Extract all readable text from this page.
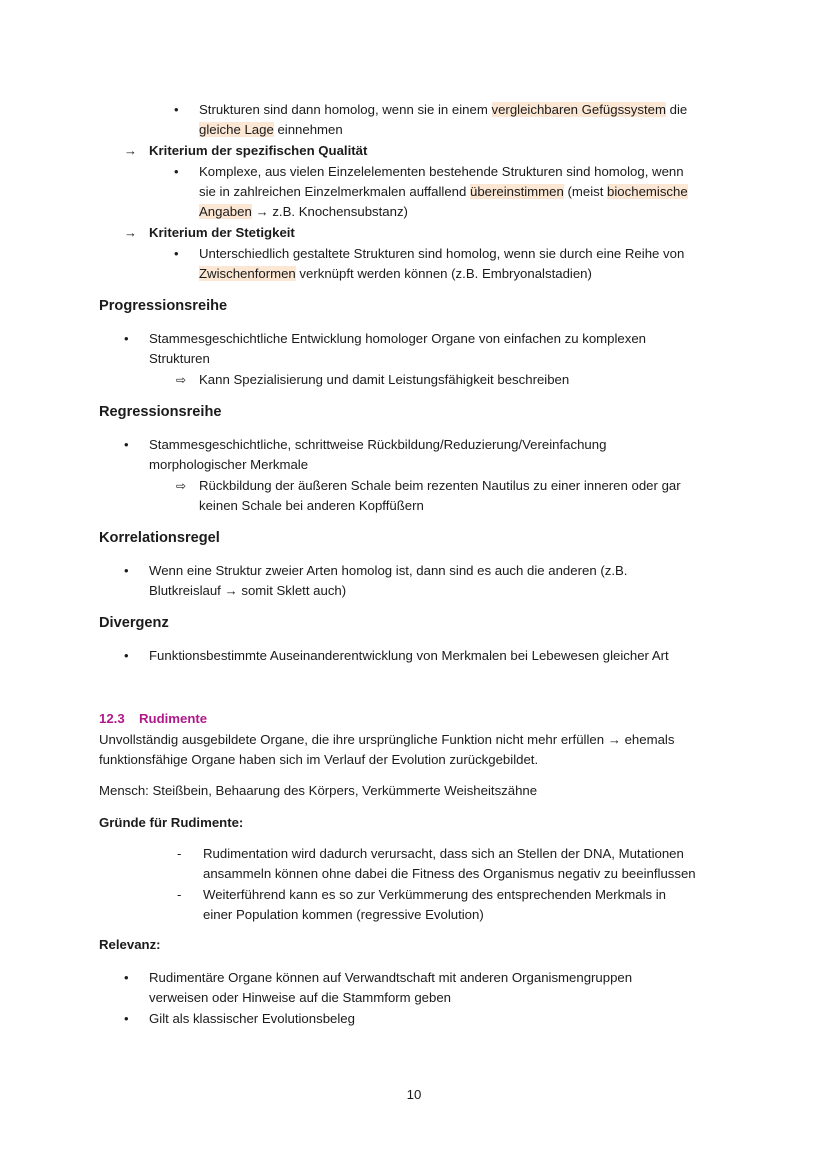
• Strukturen sind dann homolog, wenn sie in einem vergleichbaren Gefügssystem die
gleiche Lage einnehmen
→ Kriterium der spezifischen Qualität
• Komplexe, aus vielen Einzelelementen bestehende Strukturen sind homolog, wenn
sie in zahlreichen Einzelmerkmalen auffallend übereinstimmen (meist biochemische
Angaben → z.B. Knochensubstanz)
→ Kriterium der Stetigkeit
• Unterschiedlich gestaltete Strukturen sind homolog, wenn sie durch eine Reihe von
Zwischenformen verknüpft werden können (z.B. Embryonalstadien)
Progressionsreihe
• Stammesgeschichtliche Entwicklung homologer Organe von einfachen zu komplexen
Strukturen
⇨ Kann Spezialisierung und damit Leistungsfähigkeit beschreiben
Regressionsreihe
• Stammesgeschichtliche, schrittweise Rückbildung/Reduzierung/Vereinfachung
morphologischer Merkmale
⇨ Rückbildung der äußeren Schale beim rezenten Nautilus zu einer inneren oder gar
keinen Schale bei anderen Kopffüßern
Korrelationsregel
• Wenn eine Struktur zweier Arten homolog ist, dann sind es auch die anderen (z.B.
Blutkreislauf → somit Sklett auch)
Divergenz
• Funktionsbestimmte Auseinanderentwicklung von Merkmalen bei Lebewesen gleicher Art
12.3 Rudimente
Unvollständig ausgebildete Organe, die ihre ursprüngliche Funktion nicht mehr erfüllen → ehemals
funktionsfähige Organe haben sich im Verlauf der Evolution zurückgebildet.
Mensch: Steißbein, Behaarung des Körpers, Verkümmerte Weisheitszähne
Gründe für Rudimente:
- Rudimentation wird dadurch verursacht, dass sich an Stellen der DNA, Mutationen
ansammeln können ohne dabei die Fitness des Organismus negativ zu beeinflussen
- Weiterführend kann es so zur Verkümmerung des entsprechenden Merkmals in
einer Population kommen (regressive Evolution)
Relevanz:
• Rudimentäre Organe können auf Verwandtschaft mit anderen Organismengruppen
verweisen oder Hinweise auf die Stammform geben
• Gilt als klassischer Evolutionsbeleg
10
